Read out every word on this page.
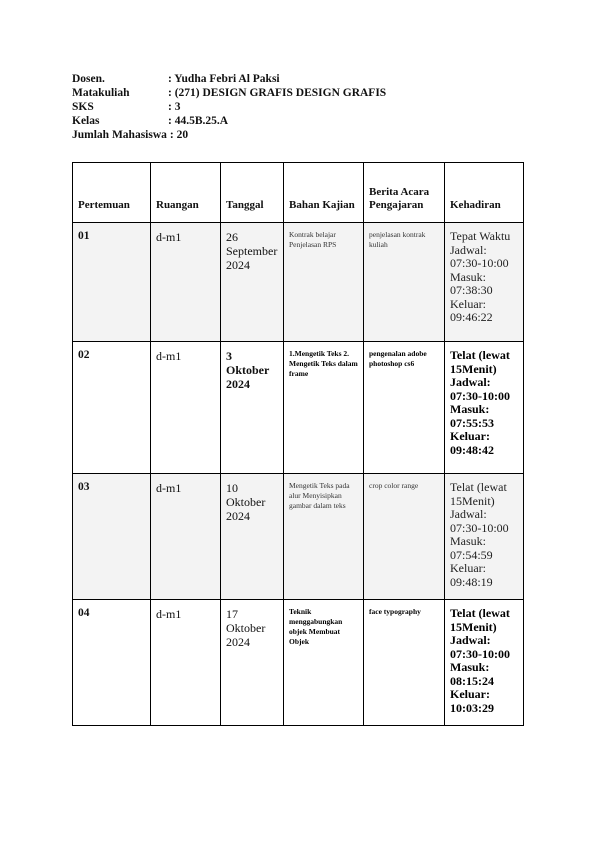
Dosen.	: Yudha Febri Al Paksi
Matakuliah	: (271) DESIGN GRAFIS DESIGN GRAFIS
SKS	: 3
Kelas	: 44.5B.25.A
Jumlah Mahasiswa : 20
Pertemuan	Ruangan	Tanggal	Bahan Kajian	Berita Acara Pengajaran	Kehadiran
01	d-m1	26 September 2024	Kontrak belajar Penjelasan RPS	penjelasan kontrak kuliah	Tepat Waktu Jadwal: 07:30-10:00 Masuk: 07:38:30 Keluar: 09:46:22
02	d-m1	3 Oktober 2024	1.Mengetik Teks 2. Mengetik Teks dalam frame	pengenalan adobe photoshop cs6	Telat (lewat 15Menit) Jadwal: 07:30-10:00 Masuk: 07:55:53 Keluar: 09:48:42
03	d-m1	10 Oktober 2024	Mengetik Teks pada alur Menyisipkan gambar dalam teks	crop color range	Telat (lewat 15Menit) Jadwal: 07:30-10:00 Masuk: 07:54:59 Keluar: 09:48:19
04	d-m1	17 Oktober 2024	Teknik menggabungkan objek Membuat Objek	face typography	Telat (lewat 15Menit) Jadwal: 07:30-10:00 Masuk: 08:15:24 Keluar: 10:03:29
